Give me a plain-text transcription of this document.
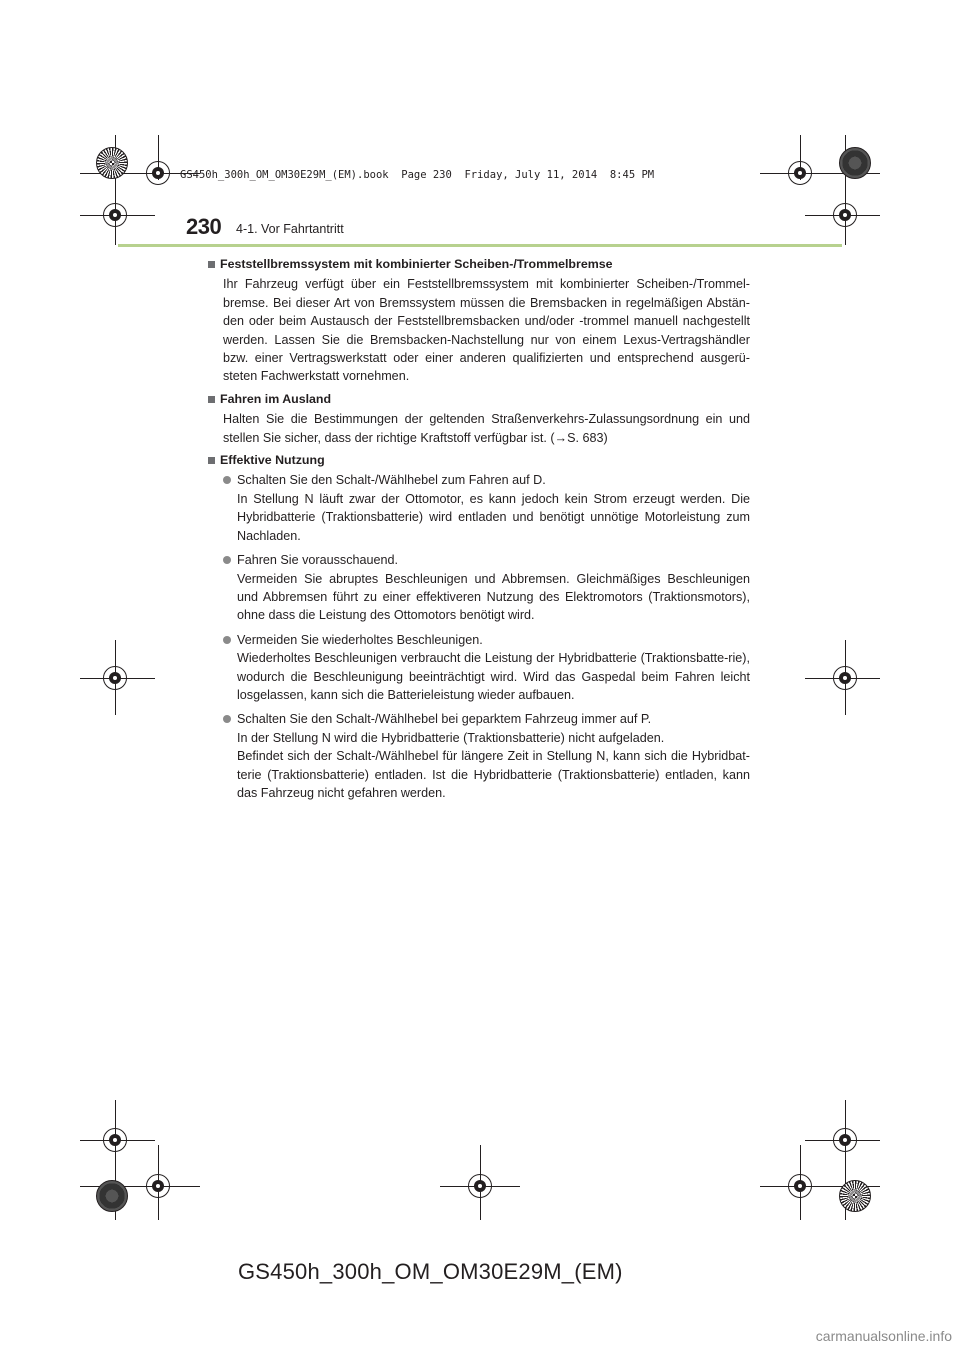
GS450h_300h_OM_OM30E29M_(EM).book  Page 230  Friday, July 11, 2014  8:45 PM
230 4-1. Vor Fahrtantritt
Feststellbremssystem mit kombinierter Scheiben-/Trommelbremse
Ihr Fahrzeug verfügt über ein Feststellbremssystem mit kombinierter Scheiben-/Trommel-bremse. Bei dieser Art von Bremssystem müssen die Bremsbacken in regelmäßigen Abstän-den oder beim Austausch der Feststellbremsbacken und/oder -trommel manuell nachgestellt werden. Lassen Sie die Bremsbacken-Nachstellung nur von einem Lexus-Vertragshändler bzw. einer Vertragswerkstatt oder einer anderen qualifizierten und entsprechend ausgerü-steten Fachwerkstatt vornehmen.
Fahren im Ausland
Halten Sie die Bestimmungen der geltenden Straßenverkehrs-Zulassungsordnung ein und stellen Sie sicher, dass der richtige Kraftstoff verfügbar ist. (→S. 683)
Effektive Nutzung
Schalten Sie den Schalt-/Wählhebel zum Fahren auf D.
In Stellung N läuft zwar der Ottomotor, es kann jedoch kein Strom erzeugt werden. Die Hybridbatterie (Traktionsbatterie) wird entladen und benötigt unnötige Motorleistung zum Nachladen.
Fahren Sie vorausschauend.
Vermeiden Sie abruptes Beschleunigen und Abbremsen. Gleichmäßiges Beschleunigen und Abbremsen führt zu einer effektiveren Nutzung des Elektromotors (Traktionsmotors), ohne dass die Leistung des Ottomotors benötigt wird.
Vermeiden Sie wiederholtes Beschleunigen.
Wiederholtes Beschleunigen verbraucht die Leistung der Hybridbatterie (Traktionsbatte-rie), wodurch die Beschleunigung beeinträchtigt wird. Wird das Gaspedal beim Fahren leicht losgelassen, kann sich die Batterieleistung wieder aufbauen.
Schalten Sie den Schalt-/Wählhebel bei geparktem Fahrzeug immer auf P.
In der Stellung N wird die Hybridbatterie (Traktionsbatterie) nicht aufgeladen.
Befindet sich der Schalt-/Wählhebel für längere Zeit in Stellung N, kann sich die Hybridbat-terie (Traktionsbatterie) entladen. Ist die Hybridbatterie (Traktionsbatterie) entladen, kann das Fahrzeug nicht gefahren werden.
GS450h_300h_OM_OM30E29M_(EM)
carmanualsonline.info
